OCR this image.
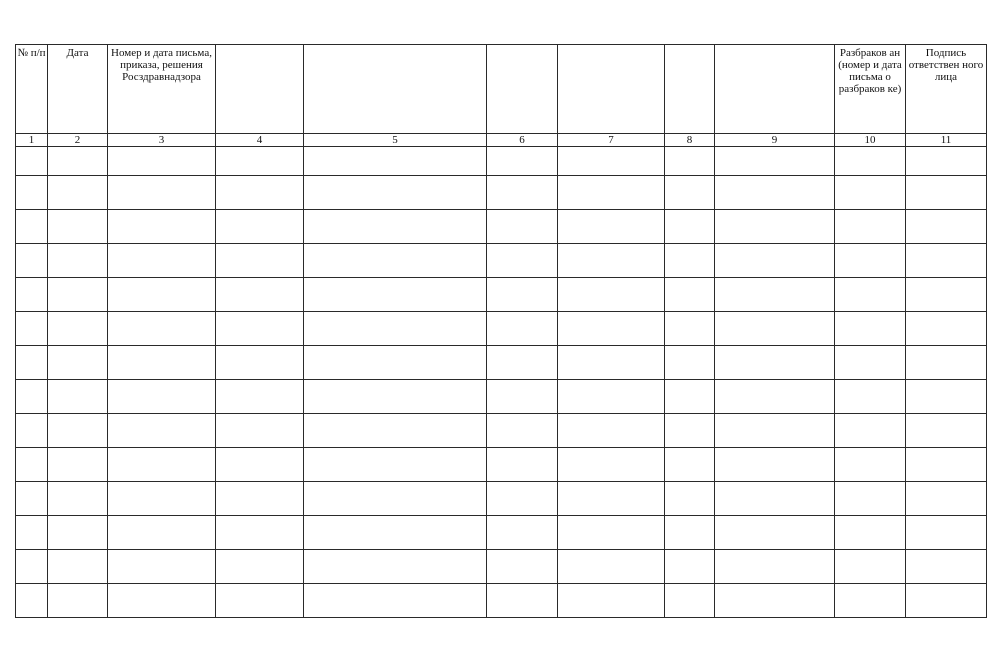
№ п/п	Дата	Номер и дата письма, приказа, решения Росздравнадзора							Разбраков ан (номер и дата письма о разбраков ке)	Подпись ответствен ного лица
1	2	3	4	5	6	7	8	9	10	11
